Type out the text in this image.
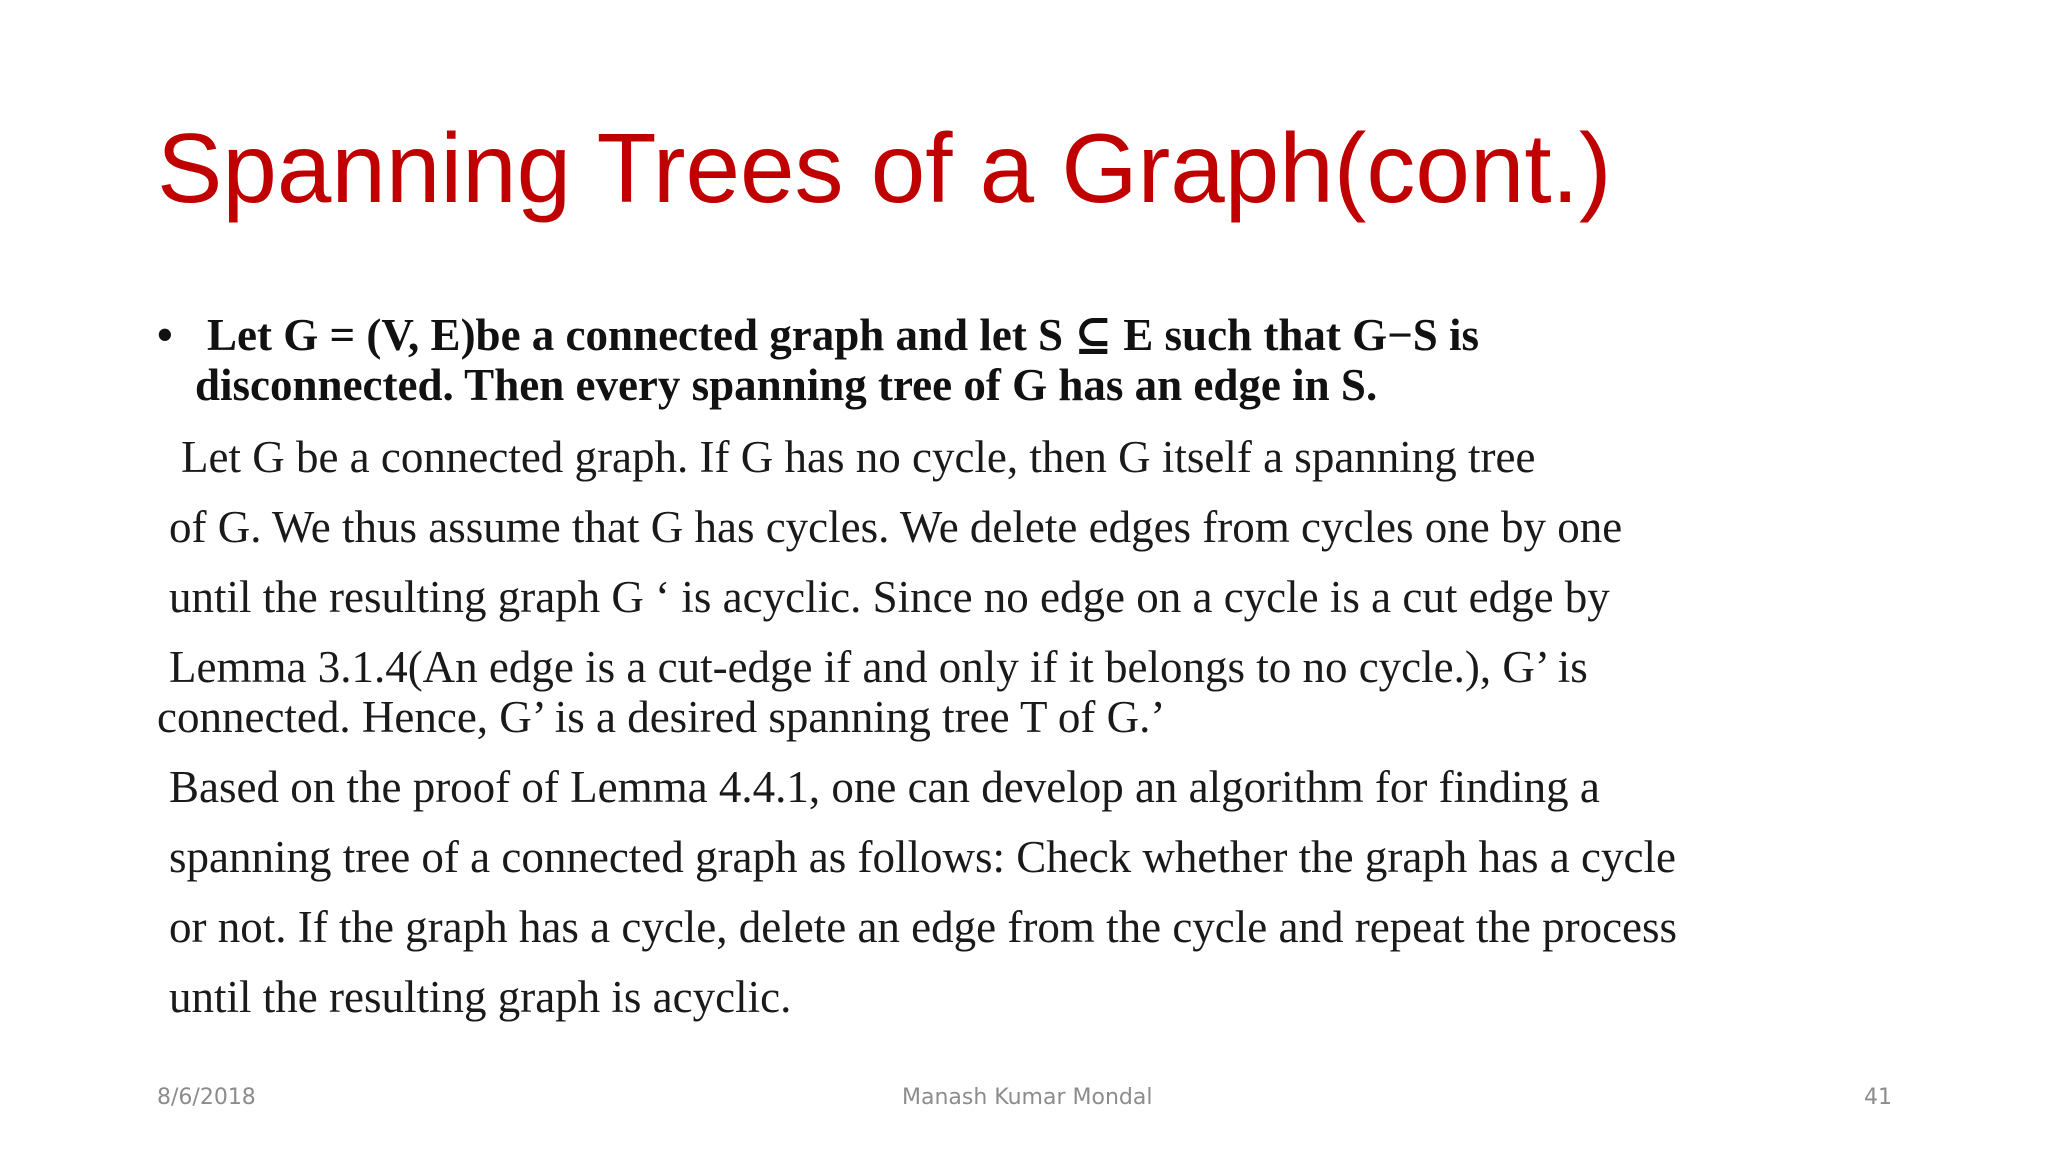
Spanning Trees of a Graph(cont.)
• Let G = (V, E)be a connected graph and let S ⊆ E such that G−S is
disconnected. Then every spanning tree of G has an edge in S.
Let G be a connected graph. If G has no cycle, then G itself a spanning tree
of G. We thus assume that G has cycles. We delete edges from cycles one by one
until the resulting graph G ‘ is acyclic. Since no edge on a cycle is a cut edge by
Lemma 3.1.4(An edge is a cut-edge if and only if it belongs to no cycle.), G’ is
connected. Hence, G’ is a desired spanning tree T of G.’
Based on the proof of Lemma 4.4.1, one can develop an algorithm for finding a
spanning tree of a connected graph as follows: Check whether the graph has a cycle
or not. If the graph has a cycle, delete an edge from the cycle and repeat the process
until the resulting graph is acyclic.
8/6/2018	Manash Kumar Mondal	41
